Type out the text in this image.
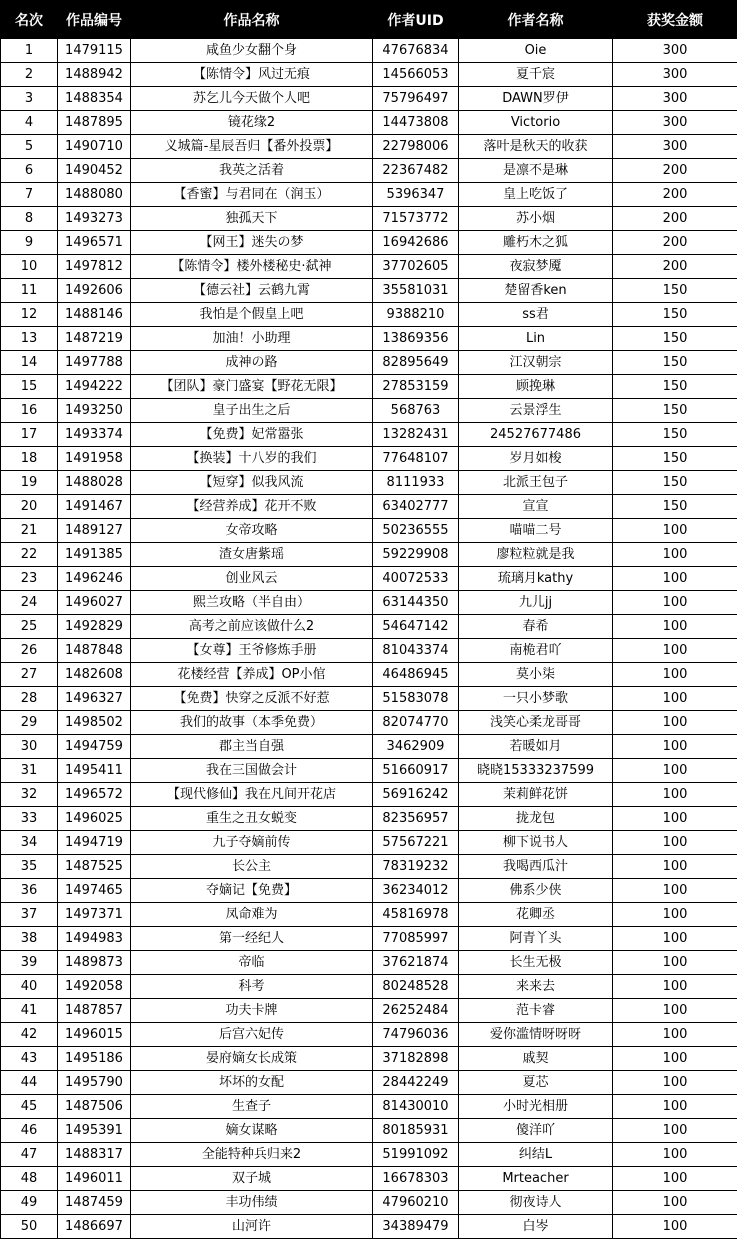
名次	作品编号	作品名称	作者UID	作者名称	获奖金额
1	1479115	咸鱼少女翻个身	47676834	Oie	300
2	1488942	【陈情令】风过无痕	14566053	夏千宸	300
3	1488354	苏乞儿今天做个人吧	75796497	DAWN罗伊	300
4	1487895	镜花缘2	14473808	Victorio	300
5	1490710	义城篇-星辰吾归【番外投票】	22798006	落叶是秋天的收获	300
6	1490452	我英之活着	22367482	是凛不是琳	200
7	1488080	【香蜜】与君同在（润玉）	5396347	皇上吃饭了	200
8	1493273	独孤天下	71573772	苏小烟	200
9	1496571	【网王】迷失の梦	16942686	雕朽木之狐	200
10	1497812	【陈情令】楼外楼秘史·弑神	37702605	夜寂梦魇	200
11	1492606	【德云社】云鹤九霄	35581031	楚留香ken	150
12	1488146	我怕是个假皇上吧	9388210	ss君	150
13	1487219	加油！小助理	13869356	Lin	150
14	1497788	成神の路	82895649	江汉朝宗	150
15	1494222	【团队】豪门盛宴【野花无限】	27853159	顾挽琳	150
16	1493250	皇子出生之后	568763	云景浮生	150
17	1493374	【免费】妃常嚣张	13282431	24527677486	150
18	1491958	【换装】十八岁的我们	77648107	岁月如梭	150
19	1488028	【短穿】似我风流	8111933	北派王包子	150
20	1491467	【经营养成】花开不败	63402777	宣宣	150
21	1489127	女帝攻略	50236555	喵喵二号	100
22	1491385	渣女唐紫瑶	59229908	廖粒粒就是我	100
23	1496246	创业风云	40072533	琉璃月kathy	100
24	1496027	熙兰攻略（半自由）	63144350	九儿jj	100
25	1492829	高考之前应该做什么2	54647142	春希	100
26	1487848	【女尊】王爷修炼手册	81043374	南桅君吖	100
27	1482608	花楼经营【养成】OP小倌	46486945	莫小柒	100
28	1496327	【免费】快穿之反派不好惹	51583078	一只小梦歌	100
29	1498502	我们的故事（本季免费）	82074770	浅笑心柔龙哥哥	100
30	1494759	郡主当自强	3462909	若暖如月	100
31	1495411	我在三国做会计	51660917	晓晓15333237599	100
32	1496572	【现代修仙】我在凡间开花店	56916242	茉莉鲜花饼	100
33	1496025	重生之丑女蜕变	82356957	拢龙包	100
34	1494719	九子夺嫡前传	57567221	柳下说书人	100
35	1487525	长公主	78319232	我喝西瓜汁	100
36	1497465	夺嫡记【免费】	36234012	佛系少侠	100
37	1497371	凤命难为	45816978	花卿丞	100
38	1494983	第一经纪人	77085997	阿青丫头	100
39	1489873	帝临	37621874	长生无极	100
40	1492058	科考	80248528	来来去	100
41	1487857	功夫卡牌	26252484	范卡睿	100
42	1496015	后宫六妃传	74796036	爱你滥情呀呀呀	100
43	1495186	晏府嫡女长成策	37182898	戚契	100
44	1495790	坏坏的女配	28442249	夏芯	100
45	1487506	生查子	81430010	小时光相册	100
46	1495391	嫡女谋略	80185931	傻洋吖	100
47	1488317	全能特种兵归来2	51991092	纠结L	100
48	1496011	双子城	16678303	Mrteacher	100
49	1487459	丰功伟绩	47960210	彻夜诗人	100
50	1486697	山河许	34389479	白岑	100
